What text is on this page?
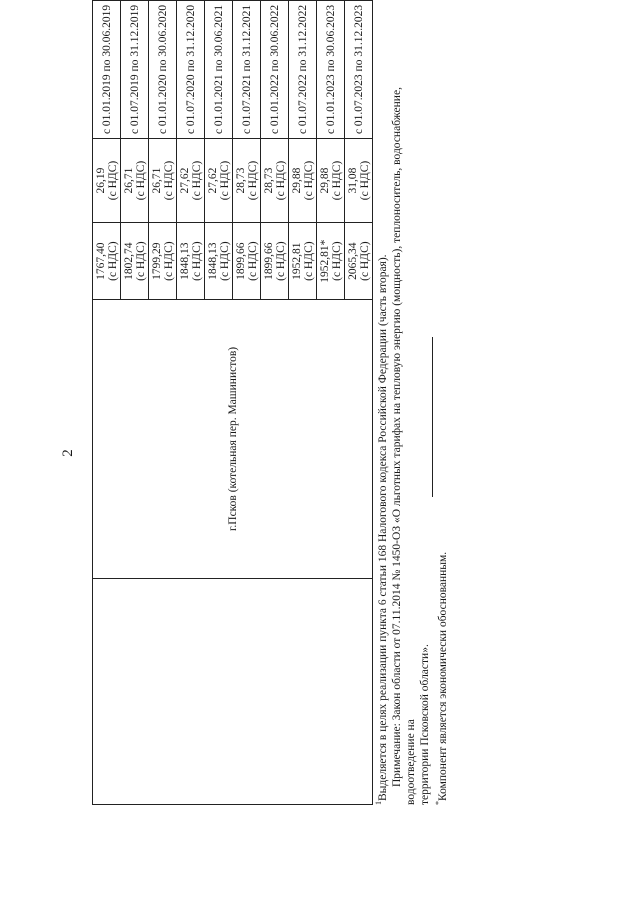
2
		г.Псков (котельная пер. Машинистов)	1767,40 (с НДС)	26,19 (с НДС)	с 01.01.2019 по 30.06.2019

		1802,74 (с НДС)	26,71 (с НДС)	с 01.07.2019 по 31.12.2019

		1799,29 (с НДС)	26,71 (с НДС)	с 01.01.2020 по 30.06.2020

		1848,13 (с НДС)	27,62 (с НДС)	с 01.07.2020 по 31.12.2020

		1848,13 (с НДС)	27,62 (с НДС)	с 01.01.2021 по 30.06.2021

		1899,66 (с НДС)	28,73 (с НДС)	с 01.07.2021 по 31.12.2021

		1899,66 (с НДС)	28,73 (с НДС)	с 01.01.2022 по 30.06.2022

		1952,81 (с НДС)	29,88 (с НДС)	с 01.07.2022 по 31.12.2022

		1952,81* (с НДС)	29,88 (с НДС)	с 01.01.2023 по 30.06.2023

		2065,34 (с НДС)	31,08 (с НДС)	с 01.07.2023 по 31.12.2023

$^1$Выделяется в целях реализации пункта 6 статьи 168 Налогового кодекса Российской Федерации (часть вторая). Примечание: Закон области от 07.11.2014 № 1450-ОЗ «О льготных тарифах на тепловую энергию (мощность), теплоноситель, водоснабжение, водоотведение на территории Псковской области». *Компонент является экономически обоснованным.
